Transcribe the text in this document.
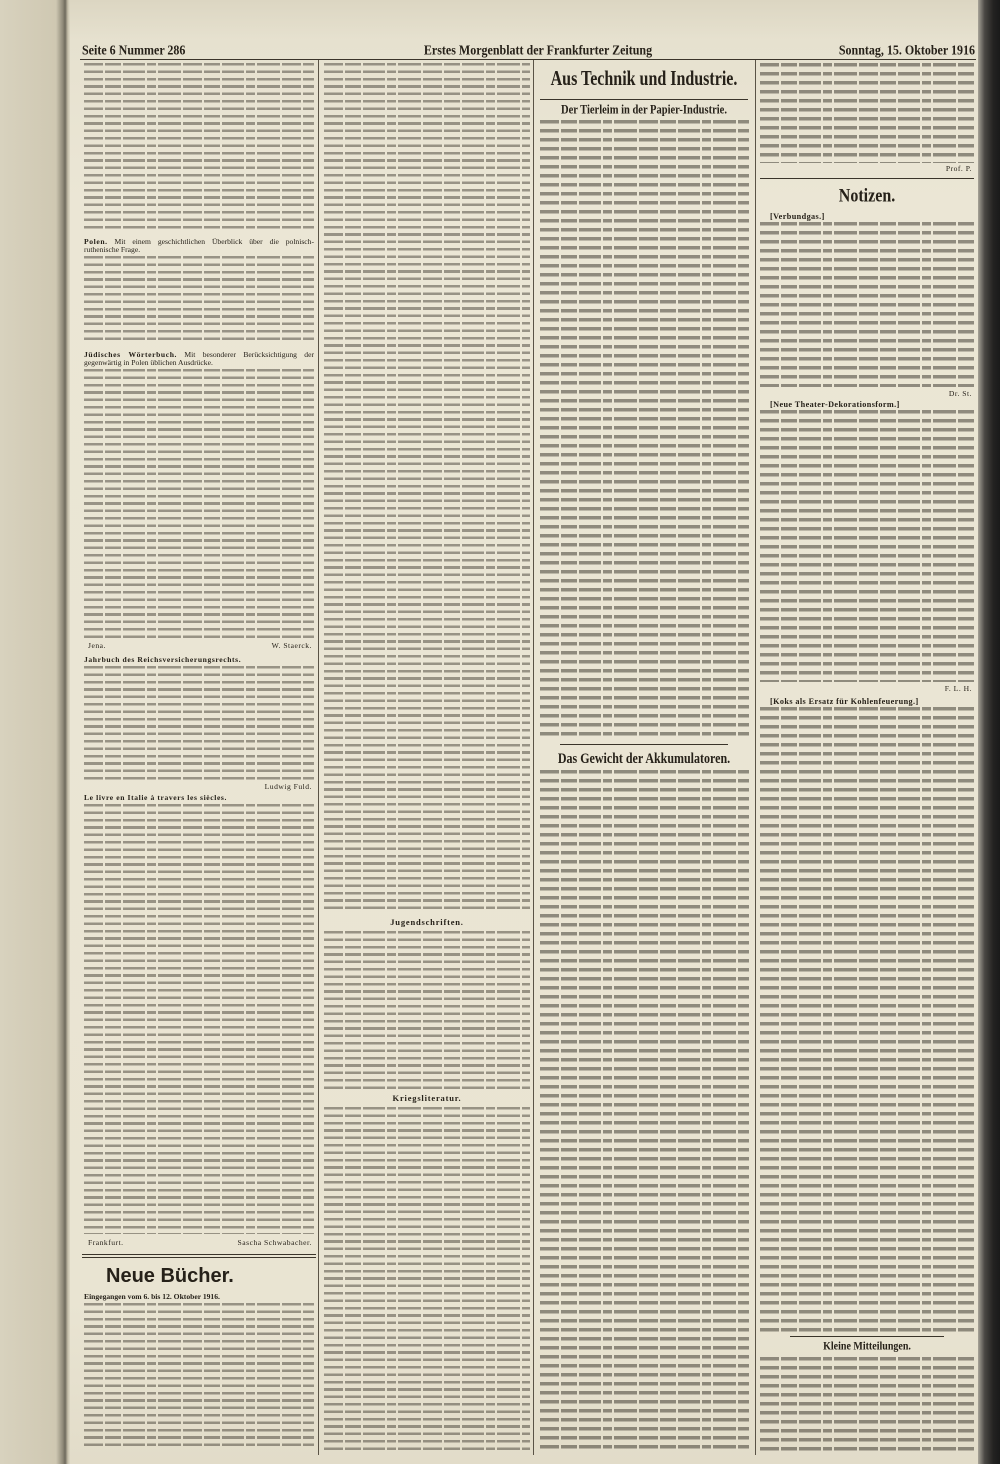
Seite 6 Nummer 286	Erstes Morgenblatt der Frankfurter Zeitung	Sonntag, 15. Oktober 1916
Polen. Mit einem geschichtlichen Überblick über die polnisch-ruthenische Frage.
Jüdisches Wörterbuch. Mit besonderer Berücksichtigung der gegenwärtig in Polen üblichen Ausdrücke.
Jena.	W. Staerck.
Jahrbuch des Reichsversicherungsrechts.
Ludwig Fuld.
Le livre en Italie à travers les siècles.
Frankfurt.	Sascha Schwabacher.
Neue Bücher.
Eingegangen vom 6. bis 12. Oktober 1916.
Jugendschriften.
Kriegsliteratur.
Aus Technik und Industrie.
Der Tierleim in der Papier-Industrie.
Das Gewicht der Akkumulatoren.
Prof. P.
Notizen.
[Verbundgas.]
Dr. St.
[Neue Theater-Dekorationsform.]
F. L. H.
[Koks als Ersatz für Kohlenfeuerung.]
Kleine Mitteilungen.
